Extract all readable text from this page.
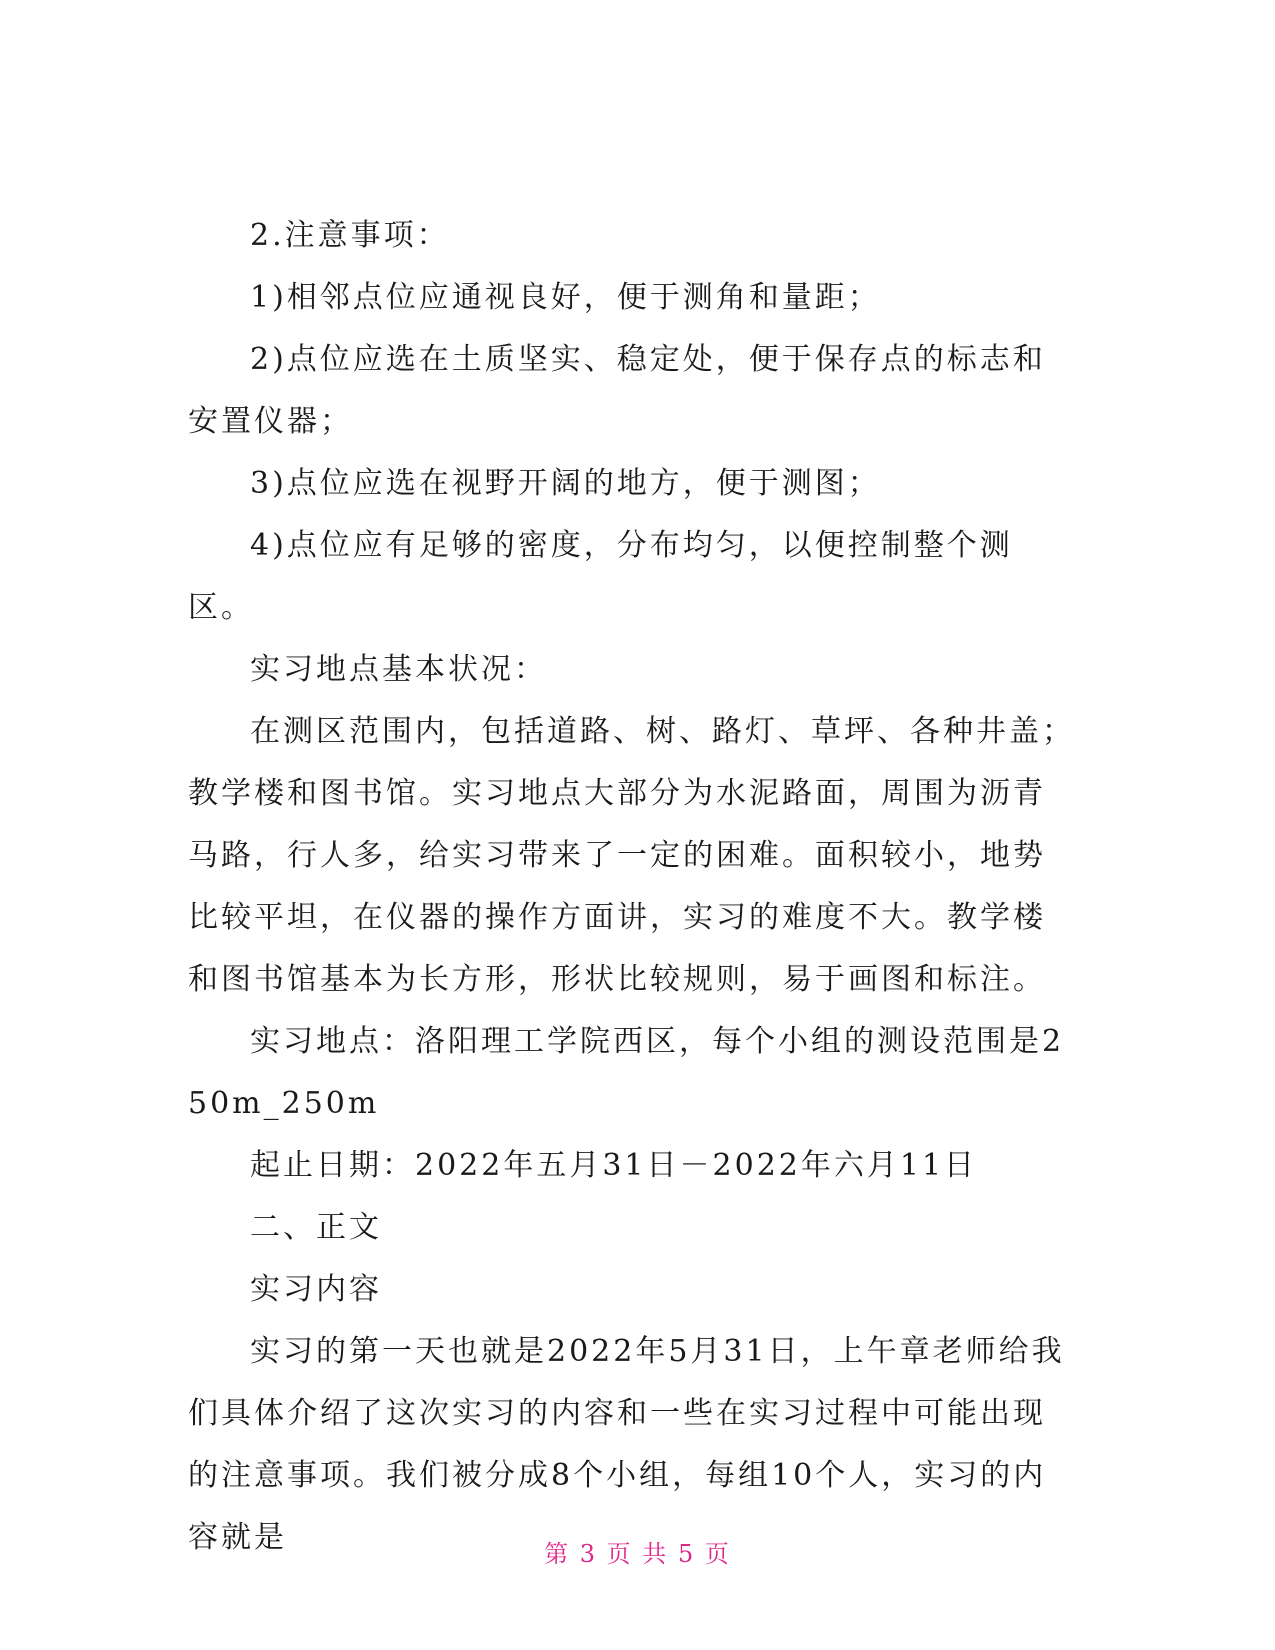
2.注意事项：

1)相邻点位应通视良好，便于测角和量距；

2)点位应选在土质坚实、稳定处，便于保存点的标志和安置仪器；

3)点位应选在视野开阔的地方，便于测图；

4)点位应有足够的密度，分布均匀，以便控制整个测区。

实习地点基本状况：

在测区范围内，包括道路、树、路灯、草坪、各种井盖；教学楼和图书馆。实习地点大部分为水泥路面，周围为沥青马路，行人多，给实习带来了一定的困难。面积较小，地势比较平坦，在仪器的操作方面讲，实习的难度不大。教学楼和图书馆基本为长方形，形状比较规则，易于画图和标注。

实习地点：洛阳理工学院西区，每个小组的测设范围是250m_250m

起止日期：2022年五月31日－2022年六月11日

二、正文

实习内容

实习的第一天也就是2022年5月31日，上午章老师给我们具体介绍了这次实习的内容和一些在实习过程中可能出现的注意事项。我们被分成8个小组，每组10个人，实习的内容就是	第 3 页 共 5 页
